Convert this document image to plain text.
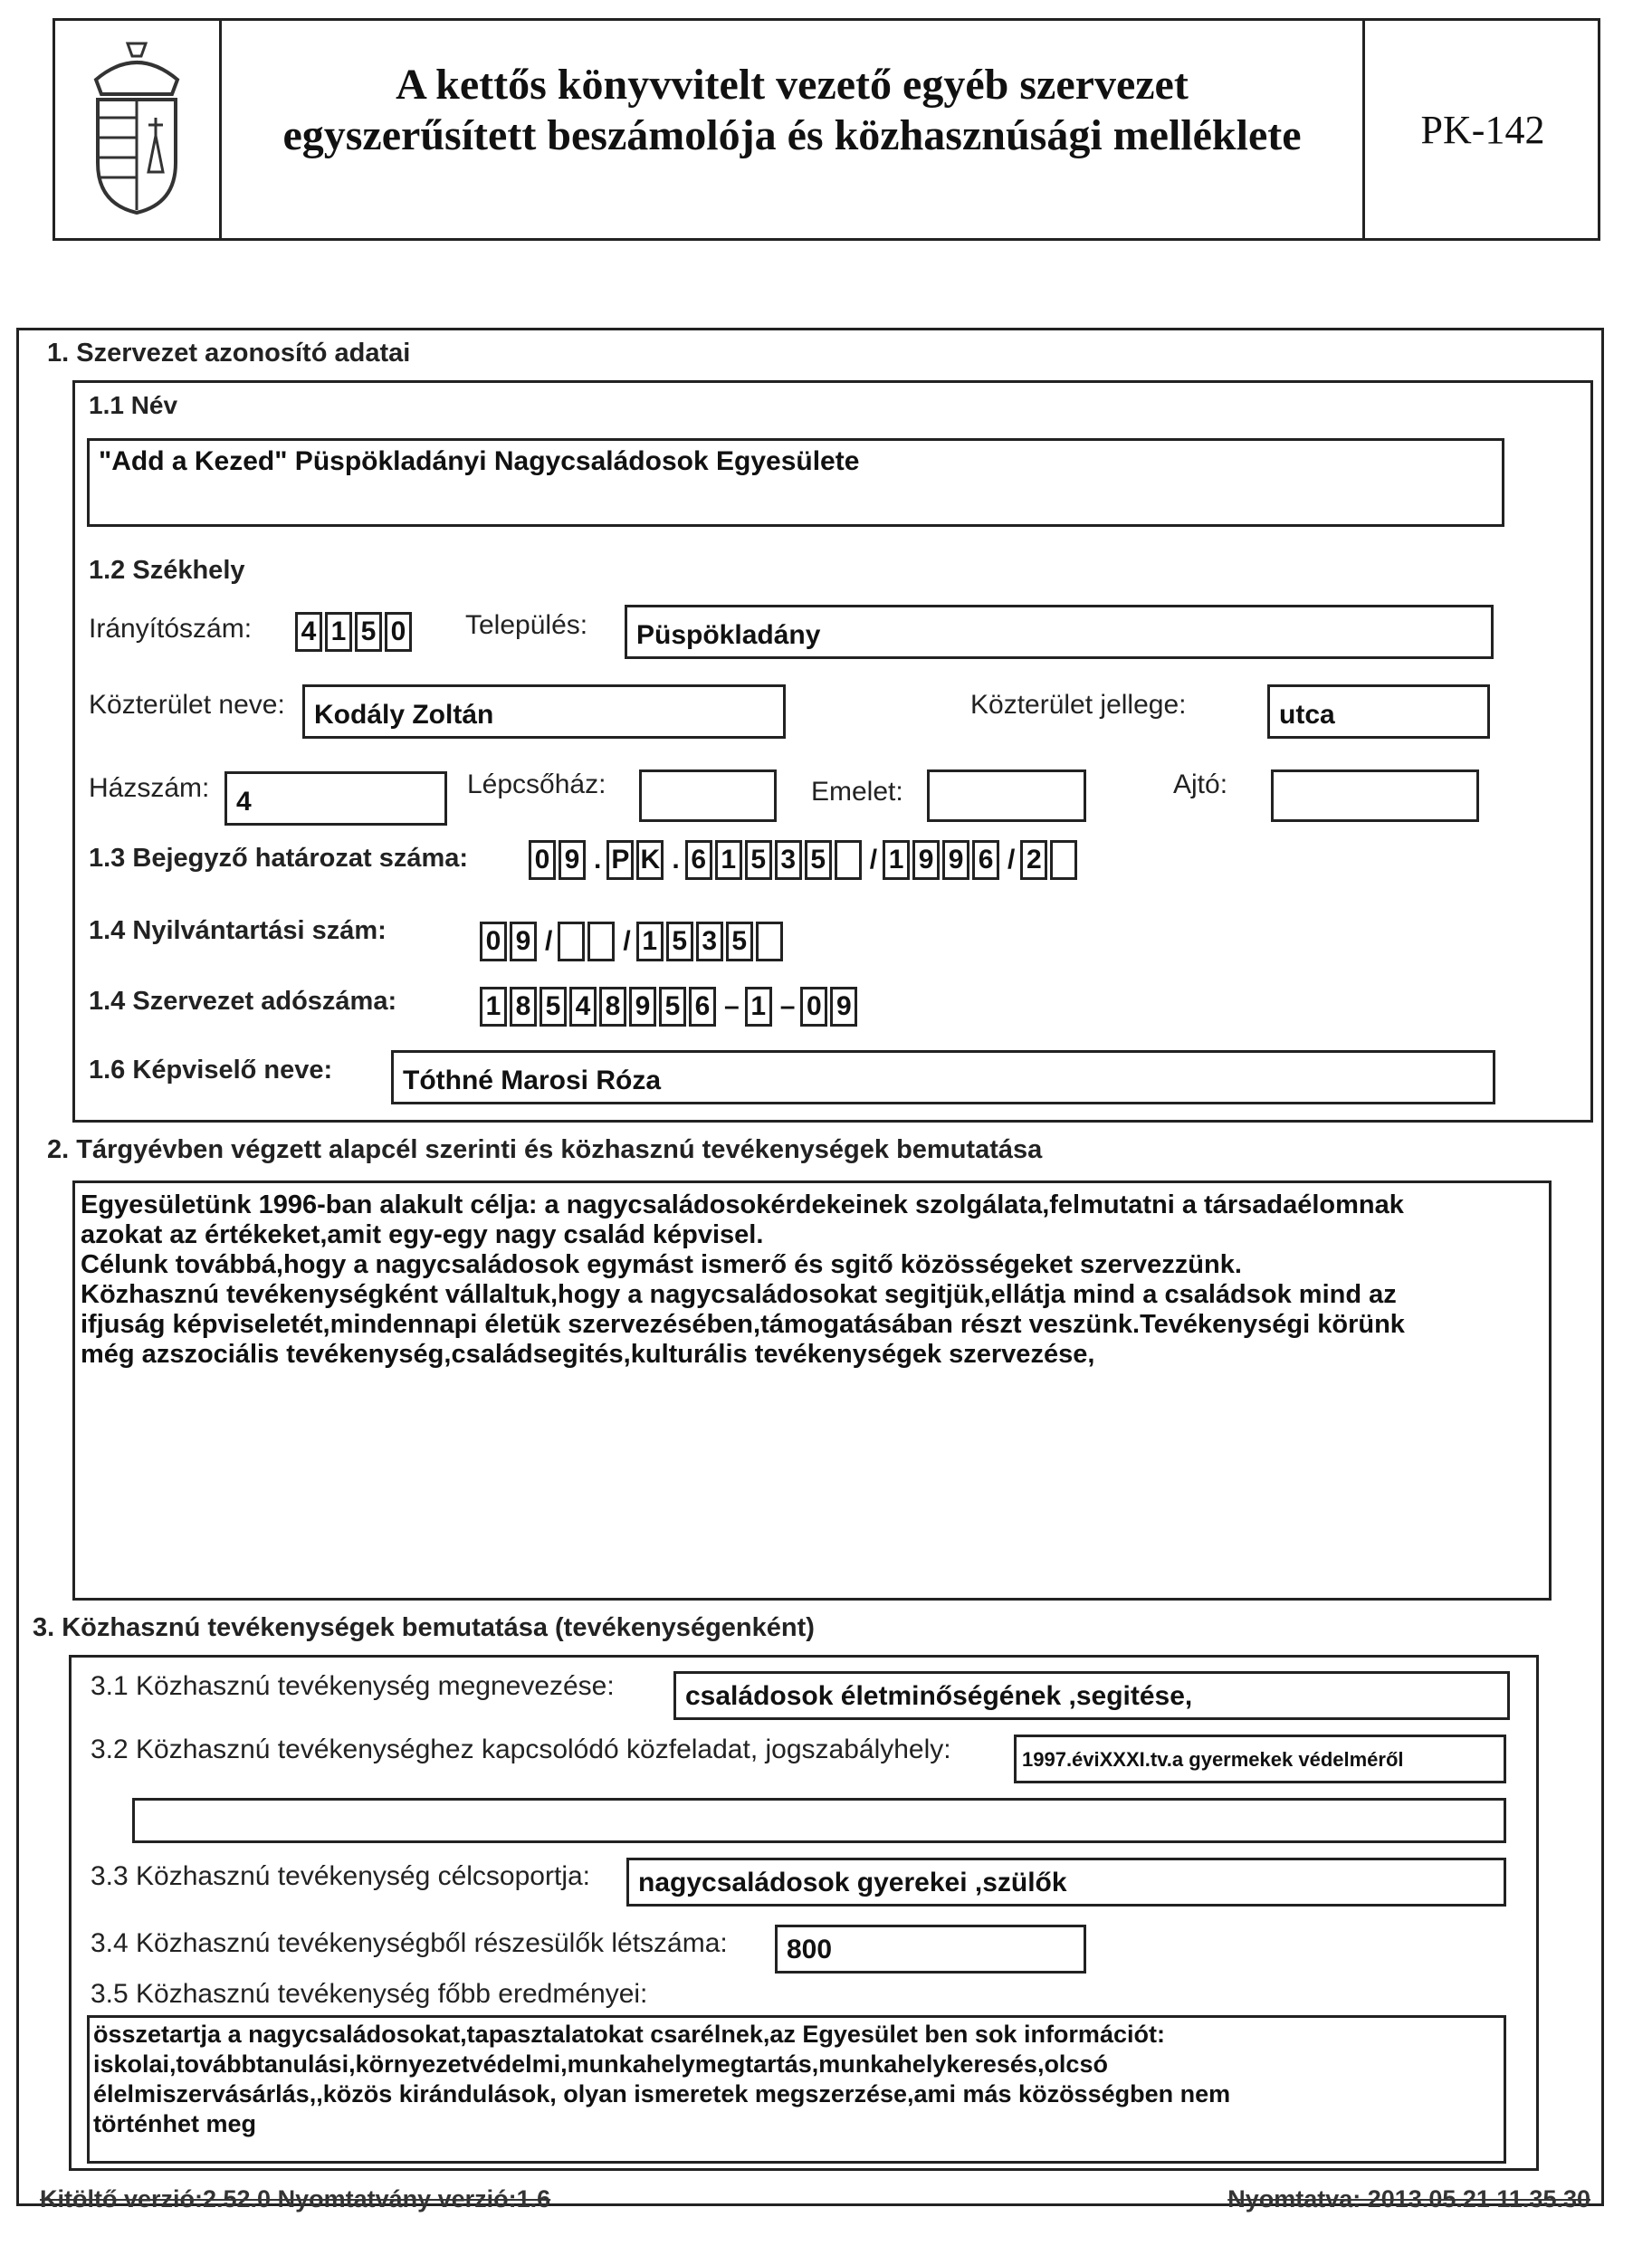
A kettős könyvvitelt vezető egyéb szervezet
egyszerűsített beszámolója és közhasznúsági melléklete	PK-142
1. Szervezet azonosító adatai
1.1 Név
"Add a Kezed" Püspökladányi Nagycsaládosok Egyesülete
1.2 Székhely
Irányítószám: 4 1 5 0 Település: Püspökladány
Közterület neve: Kodály Zoltán	Közterület jellege:	utca
Házszám: 4
Lépcsőház:	Emelet:	Ajtó:
1.3 Bejegyző határozat száma: 0 9 . P K . 6 1 5 3 5 / 1 9 9 6 / 2
1.4 Nyilvántartási szám:	0 9 /	/ 1 5 3 5
1.4 Szervezet adószáma:	1 8 5 4 8 9 5 6 – 1 – 0 9
1.6 Képviselő neve:	Tóthné Marosi Róza
2. Tárgyévben végzett alapcél szerinti és közhasznú tevékenységek bemutatása
Egyesületünk 1996-ban alakult célja: a nagycsaládosokérdekeinek szolgálata,felmutatni a társadaélomnak
azokat az értékeket,amit egy-egy nagy család képvisel.
Célunk továbbá,hogy a nagycsaládosok egymást ismerő és sgitő közösségeket szervezzünk.
Közhasznú tevékenységként vállaltuk,hogy a nagycsaládosokat segitjük,ellátja mind a családsok mind az
ifjuság képviseletét,mindennapi életük szervezésében,támogatásában részt veszünk.Tevékenységi körünk
még azszociális tevékenység,családsegités,kulturális tevékenységek szervezése,
3. Közhasznú tevékenységek bemutatása (tevékenységenként)
3.1 Közhasznú tevékenység megnevezése:	családosok életminőségének ,segitése,
3.2 Közhasznú tevékenységhez kapcsolódó közfeladat, jogszabályhely:	1997.éviXXXI.tv.a gyermekek védelméről
3.3 Közhasznú tevékenység célcsoportja: nagycsaládosok gyerekei ,szülők
3.4 Közhasznú tevékenységből részesülők létszáma: 800
3.5 Közhasznú tevékenység főbb eredményei:
összetartja a nagycsaládosokat,tapasztalatokat csarélnek,az Egyesület ben sok információt:
iskolai,továbbtanulási,környezetvédelmi,munkahelymegtartás,munkahelykeresés,olcsó
élelmiszervásárlás,,közös kirándulások, olyan ismeretek megszerzése,ami más közösségben nem
történhet meg
Kitöltő verzió:2.52.0 Nyomtatvány verzió:1.6	Nyomtatva: 2013.05.21 11.35.30
